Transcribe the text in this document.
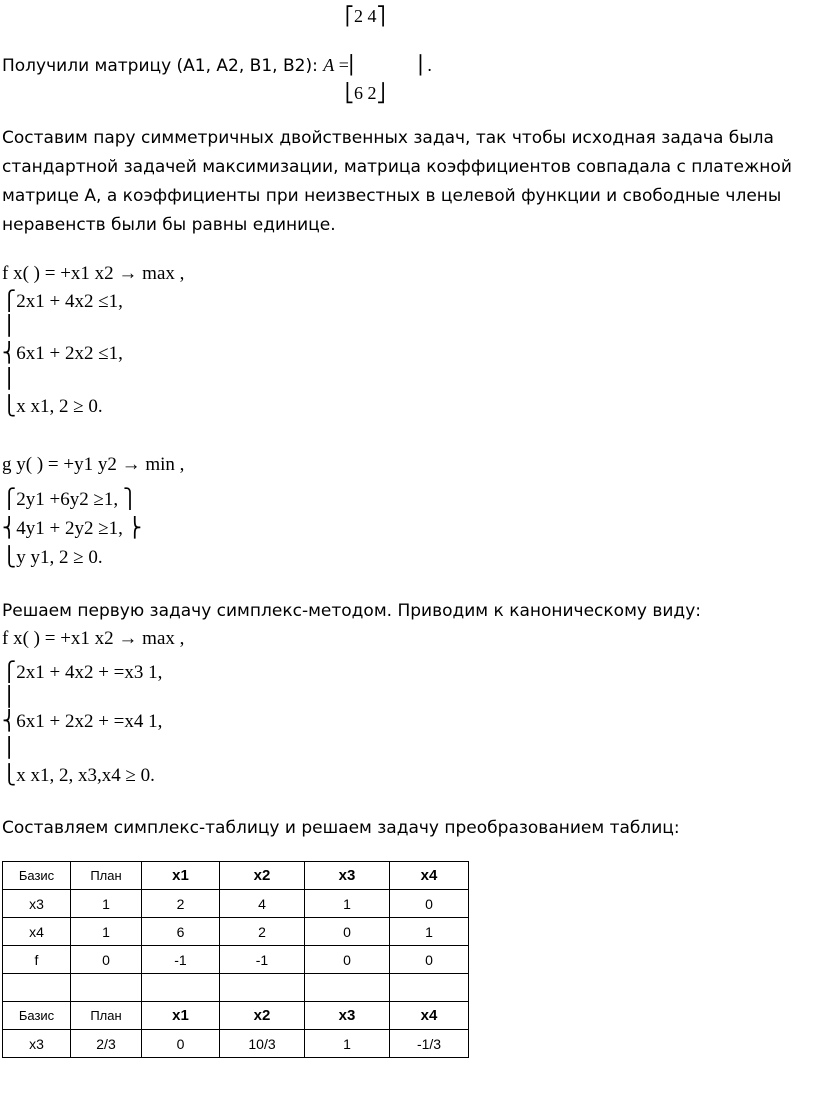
⎡2 4⎤
Получили матрицу (A1, A2, B1, B2): A =⎢	⎥ .
⎣6 2⎦
Составим пару симметричных двойственных задач, так чтобы исходная задача была стандартной задачей максимизации, матрица коэффициентов совпадала с платежной матрице A, а коэффициенты при неизвестных в целевой функции и свободные члены неравенств были бы равны единице.
f x( ) = +x1 x2 → max ,
⎧2x1 + 4x2 ≤1,
⎪
⎨6x1 + 2x2 ≤1,
⎪
⎩x x1, 2 ≥ 0.
g y( ) = +y1 y2 → min ,
⎧2y1 +6y2 ≥1, ⎫
⎨4y1 + 2y2 ≥1, ⎬
⎩y y1, 2 ≥ 0.
Решаем первую задачу симплекс-методом. Приводим к каноническому виду:
f x( ) = +x1 x2 → max ,
⎧2x1 + 4x2 + =x3 1,
⎪
⎨6x1 + 2x2 + =x4 1,
⎪
⎩x x1, 2, x3,x4 ≥ 0.
Составляем симплекс-таблицу и решаем задачу преобразованием таблиц:
Базис	План	x1	x2	x3	x4
x3	1	2	4	1	0
x4	1	6	2	0	1
f	0	-1	-1	0	0

Базис	План	x1	x2	x3	x4
x3	2/3	0	10/3	1	-1/3
